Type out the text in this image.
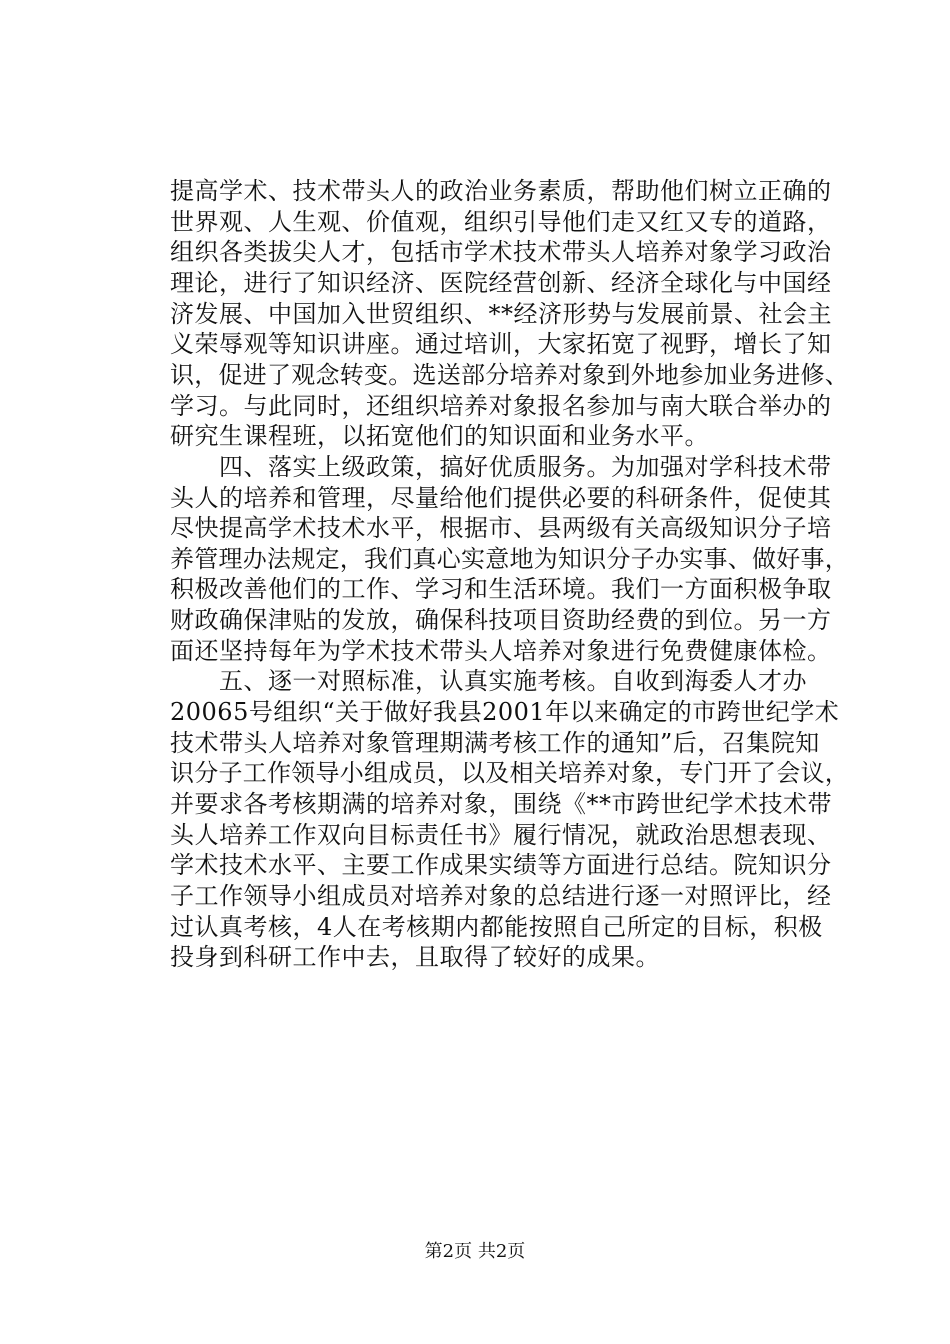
提高学术、技术带头人的政治业务素质，帮助他们树立正确的
世界观、人生观、价值观，组织引导他们走又红又专的道路，
组织各类拔尖人才，包括市学术技术带头人培养对象学习政治
理论，进行了知识经济、医院经营创新、经济全球化与中国经
济发展、中国加入世贸组织、**经济形势与发展前景、社会主
义荣辱观等知识讲座。通过培训，大家拓宽了视野，增长了知
识，促进了观念转变。选送部分培养对象到外地参加业务进修、
学习。与此同时，还组织培养对象报名参加与南大联合举办的
研究生课程班，以拓宽他们的知识面和业务水平。
　　四、落实上级政策，搞好优质服务。为加强对学科技术带
头人的培养和管理，尽量给他们提供必要的科研条件，促使其
尽快提高学术技术水平，根据市、县两级有关高级知识分子培
养管理办法规定，我们真心实意地为知识分子办实事、做好事，
积极改善他们的工作、学习和生活环境。我们一方面积极争取
财政确保津贴的发放，确保科技项目资助经费的到位。另一方
面还坚持每年为学术技术带头人培养对象进行免费健康体检。
　　五、逐一对照标准，认真实施考核。自收到海委人才办
20065号组织“关于做好我县2001年以来确定的市跨世纪学术
技术带头人培养对象管理期满考核工作的通知”后，召集院知
识分子工作领导小组成员，以及相关培养对象，专门开了会议，
并要求各考核期满的培养对象，围绕《**市跨世纪学术技术带
头人培养工作双向目标责任书》履行情况，就政治思想表现、
学术技术水平、主要工作成果实绩等方面进行总结。院知识分
子工作领导小组成员对培养对象的总结进行逐一对照评比，经
过认真考核，4人在考核期内都能按照自己所定的目标，积极
投身到科研工作中去，且取得了较好的成果。
第2页 共2页
